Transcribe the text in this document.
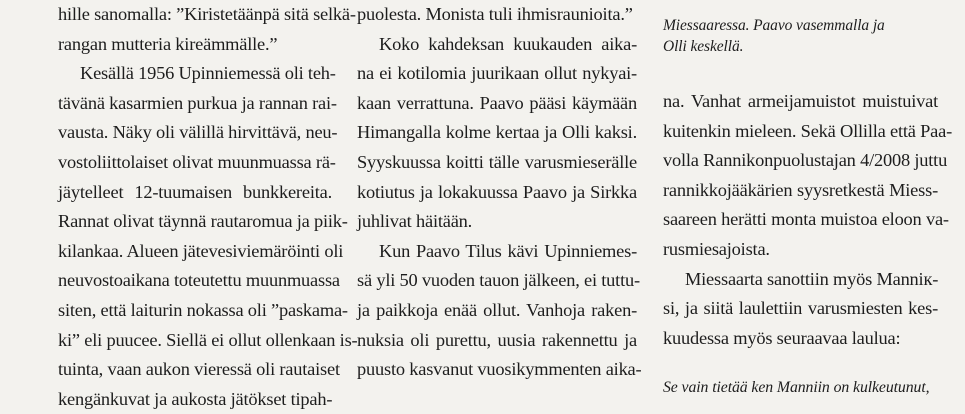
hille sanomalla: ”Kiristetäänpä sitä selkä-
rangan mutteria kireämmälle.”
Kesällä 1956 Upinniemessä oli teh-
tävänä kasarmien purkua ja rannan rai-
vausta. Näky oli välillä hirvittävä, neu-
vostoliittolaiset olivat muunmuassa rä-
jäytelleet 12-tuumaisen bunkkereita.
Rannat olivat täynnä rautaromua ja piik-
kilankaa. Alueen jätevesiviemäröinti oli
neuvostoaikana toteutettu muunmuassa
siten, että laiturin nokassa oli ”paskama-
ki” eli puucee. Siellä ei ollut ollenkaan is-
tuinta, vaan aukon vieressä oli rautaiset
kengänkuvat ja aukosta jätökset tipah-
puolesta. Monista tuli ihmisraunioita.”
Koko kahdeksan kuukauden aika-
na ei kotilomia juurikaan ollut nykyai-
kaan verrattuna. Paavo pääsi käymään
Himangalla kolme kertaa ja Olli kaksi.
Syyskuussa koitti tälle varusmieserälle
kotiutus ja lokakuussa Paavo ja Sirkka
juhlivat häitään.
Kun Paavo Tilus kävi Upinniemes-
sä yli 50 vuoden tauon jälkeen, ei tuttu-
ja paikkoja enää ollut. Vanhoja raken-
nuksia oli purettu, uusia rakennettu ja
puusto kasvanut vuosikymmenten aika-
Miessaaressa. Paavo vasemmalla ja
Olli keskellä.
na. Vanhat armeijamuistot muistuivat
kuitenkin mieleen. Sekä Ollilla että Paa-
volla Rannikonpuolustajan 4/2008 juttu
rannikkojääkärien syysretkestä Miess-
saareen herätti monta muistoa eloon va-
rusmiesajoista.
Miessaarta sanottiin myös Manniк-
si, ja siitä laulettiin varusmiesten kes-
kuudessa myös seuraavaa laulua:
Se vain tietää ken Manniin on kulkeutunut,
